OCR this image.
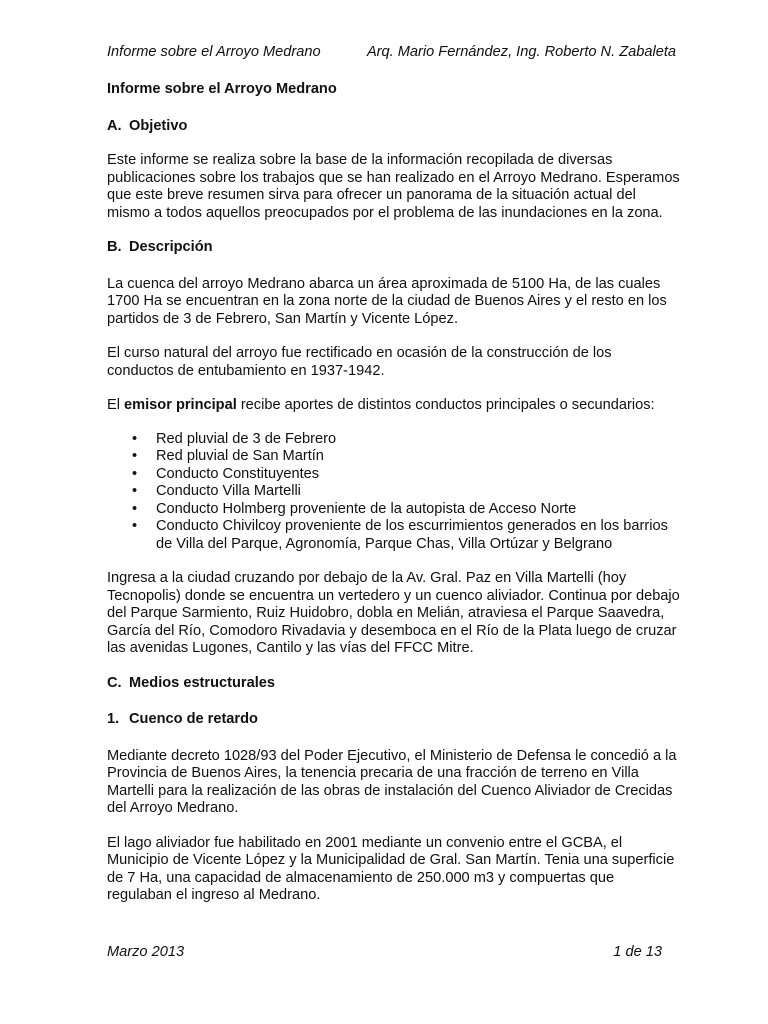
Informe sobre el Arroyo Medrano	Arq. Mario Fernández, Ing. Roberto N. Zabaleta
Informe sobre el Arroyo Medrano
A. Objetivo

Este informe se realiza sobre la base de la información recopilada de diversas publicaciones sobre los trabajos que se han realizado en el Arroyo Medrano. Esperamos que este breve resumen sirva para ofrecer un panorama de la situación actual del mismo a todos aquellos preocupados por el problema de las inundaciones en la zona.

B. Descripción

La cuenca del arroyo Medrano abarca un área aproximada de 5100 Ha, de las cuales 1700 Ha se encuentran en la zona norte de la ciudad de Buenos Aires y el resto en los partidos de 3 de Febrero, San Martín y Vicente López.

El curso natural del arroyo fue rectificado en ocasión de la construcción de los conductos de entubamiento en 1937-1942.

El emisor principal recibe aportes de distintos conductos principales o secundarios:

• Red pluvial de 3 de Febrero
• Red pluvial de San Martín
• Conducto Constituyentes
• Conducto Villa Martelli
• Conducto Holmberg proveniente de la autopista de Acceso Norte
• Conducto Chivilcoy proveniente de los escurrimientos generados en los barrios de Villa del Parque, Agronomía, Parque Chas, Villa Ortúzar y Belgrano

Ingresa a la ciudad cruzando por debajo de la Av. Gral. Paz en Villa Martelli (hoy Tecnopolis) donde se encuentra un vertedero y un cuenco aliviador. Continua por debajo del Parque Sarmiento, Ruiz Huidobro, dobla en Melián, atraviesa el Parque Saavedra, García del Río, Comodoro Rivadavia y desemboca en el Río de la Plata luego de cruzar las avenidas Lugones, Cantilo y las vías del FFCC Mitre.

C. Medios estructurales
1. Cuenco de retardo

Mediante decreto 1028/93 del Poder Ejecutivo, el Ministerio de Defensa le concedió a la Provincia de Buenos Aires, la tenencia precaria de una fracción de terreno en Villa Martelli para la realización de las obras de instalación del Cuenco Aliviador de Crecidas del Arroyo Medrano.

El lago aliviador fue habilitado en 2001 mediante un convenio entre el GCBA, el Municipio de Vicente López y la Municipalidad de Gral. San Martín. Tenia una superficie de 7 Ha, una capacidad de almacenamiento de 250.000 m3 y compuertas que regulaban el ingreso al Medrano.

Marzo 2013	1 de 13
